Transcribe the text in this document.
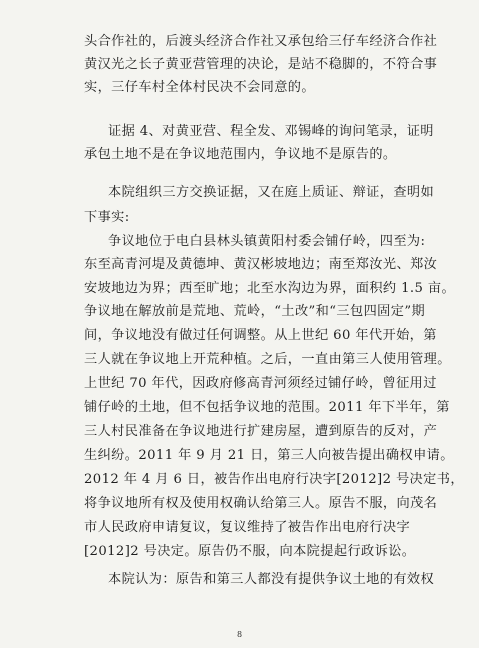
头合作社的，后渡头经济合作社又承包给三仔车经济合作社
黄汉光之长子黄亚营管理的决论，是站不稳脚的，不符合事
实，三仔车村全体村民决不会同意的。
证据 4、对黄亚营、程全发、邓锡峰的询问笔录，证明
承包土地不是在争议地范围内，争议地不是原告的。
本院组织三方交换证据，又在庭上质证、辩证，查明如
下事实:
争议地位于电白县林头镇黄阳村委会铺仔岭，四至为:
东至高青河堤及黄德坤、黄汉彬坡地边；南至郑汝光、郑汝
安坡地边为界；西至旷地；北至水沟边为界，面积约 1.5 亩。
争议地在解放前是荒地、荒岭，“土改”和“三包四固定”期
间，争议地没有做过任何调整。从上世纪 60 年代开始，第
三人就在争议地上开荒种植。之后，一直由第三人使用管理。
上世纪 70 年代，因政府修高青河须经过铺仔岭，曾征用过
铺仔岭的土地，但不包括争议地的范围。2011 年下半年，第
三人村民准备在争议地进行扩建房屋，遭到原告的反对，产
生纠纷。2011 年 9 月 21 日，第三人向被告提出确权申请。
2012 年 4 月 6 日，被告作出电府行决字[2012]2 号决定书，
将争议地所有权及使用权确认给第三人。原告不服，向茂名
市人民政府申请复议，复议维持了被告作出电府行决字
[2012]2 号决定。原告仍不服，向本院提起行政诉讼。
本院认为：原告和第三人都没有提供争议土地的有效权
8
